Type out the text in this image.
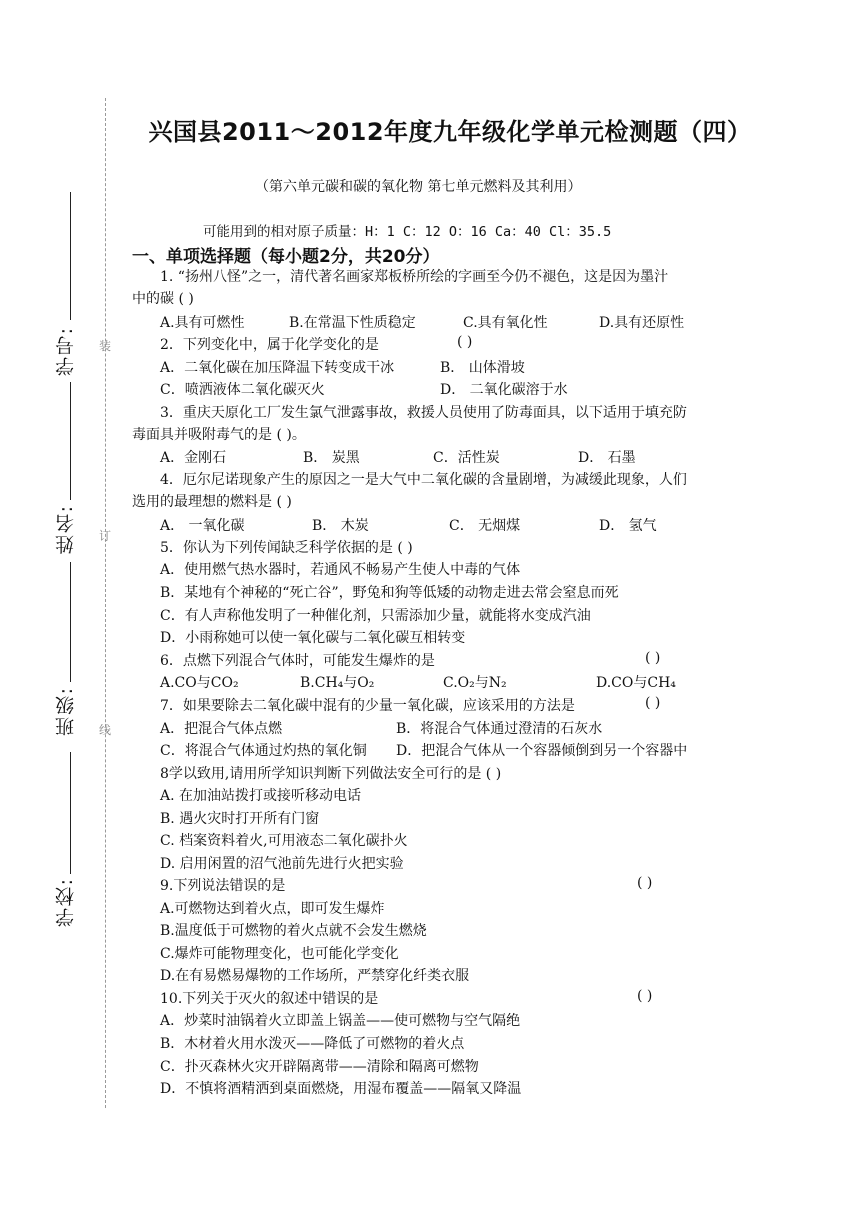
装
订
线
学号:
姓名:
班级:
学校:
兴国县2011～2012年度九年级化学单元检测题（四）
（第六单元碳和碳的氧化物 第七单元燃料及其利用）
可能用到的相对原子质量：H：1 C：12 O：16 Ca：40 Cl：35.5
一、单项选择题（每小题2分，共20分）
1. “扬州八怪”之一，清代著名画家郑板桥所绘的字画至今仍不褪色，这是因为墨汁
中的碳 ( )
A.具有可燃性	B.在常温下性质稳定	C.具有氧化性	D.具有还原性
2．下列变化中，属于化学变化的是	( )
A．二氧化碳在加压降温下转变成干冰	B． 山体滑坡
C．喷洒液体二氧化碳灭火	D． 二氧化碳溶于水
3．重庆天原化工厂发生氯气泄露事故，救援人员使用了防毒面具，以下适用于填充防
毒面具并吸附毒气的是 ( )。
A．金刚石	B． 炭黑	C．活性炭	D． 石墨
4．厄尔尼诺现象产生的原因之一是大气中二氧化碳的含量剧增，为减缓此现象，人们
选用的最理想的燃料是 ( )
A． 一氧化碳	B． 木炭	C． 无烟煤	D． 氢气
5．你认为下列传闻缺乏科学依据的是 ( )
A．使用燃气热水器时，若通风不畅易产生使人中毒的气体
B．某地有个神秘的“死亡谷”，野兔和狗等低矮的动物走进去常会窒息而死
C．有人声称他发明了一种催化剂，只需添加少量，就能将水变成汽油
D．小雨称她可以使一氧化碳与二氧化碳互相转变
6．点燃下列混合气体时，可能发生爆炸的是	( )
A.CO与CO₂	B.CH₄与O₂	C.O₂与N₂	D.CO与CH₄
7．如果要除去二氧化碳中混有的少量一氧化碳，应该采用的方法是	( )
A．把混合气体点燃	B．将混合气体通过澄清的石灰水
C．将混合气体通过灼热的氧化铜 D．把混合气体从一个容器倾倒到另一个容器中
8学以致用,请用所学知识判断下列做法安全可行的是 ( )
A. 在加油站拨打或接听移动电话
B. 遇火灾时打开所有门窗
C. 档案资料着火,可用液态二氧化碳扑火
D. 启用闲置的沼气池前先进行火把实验
9.下列说法错误的是	( )
A.可燃物达到着火点，即可发生爆炸
B.温度低于可燃物的着火点就不会发生燃烧
C.爆炸可能物理变化，也可能化学变化
D.在有易燃易爆物的工作场所，严禁穿化纤类衣服
10.下列关于灭火的叙述中错误的是	( )
A．炒菜时油锅着火立即盖上锅盖——使可燃物与空气隔绝
B．木材着火用水泼灭——降低了可燃物的着火点
C．扑灭森林火灾开辟隔离带——清除和隔离可燃物
D．不慎将酒精洒到桌面燃烧，用湿布覆盖——隔氧又降温
